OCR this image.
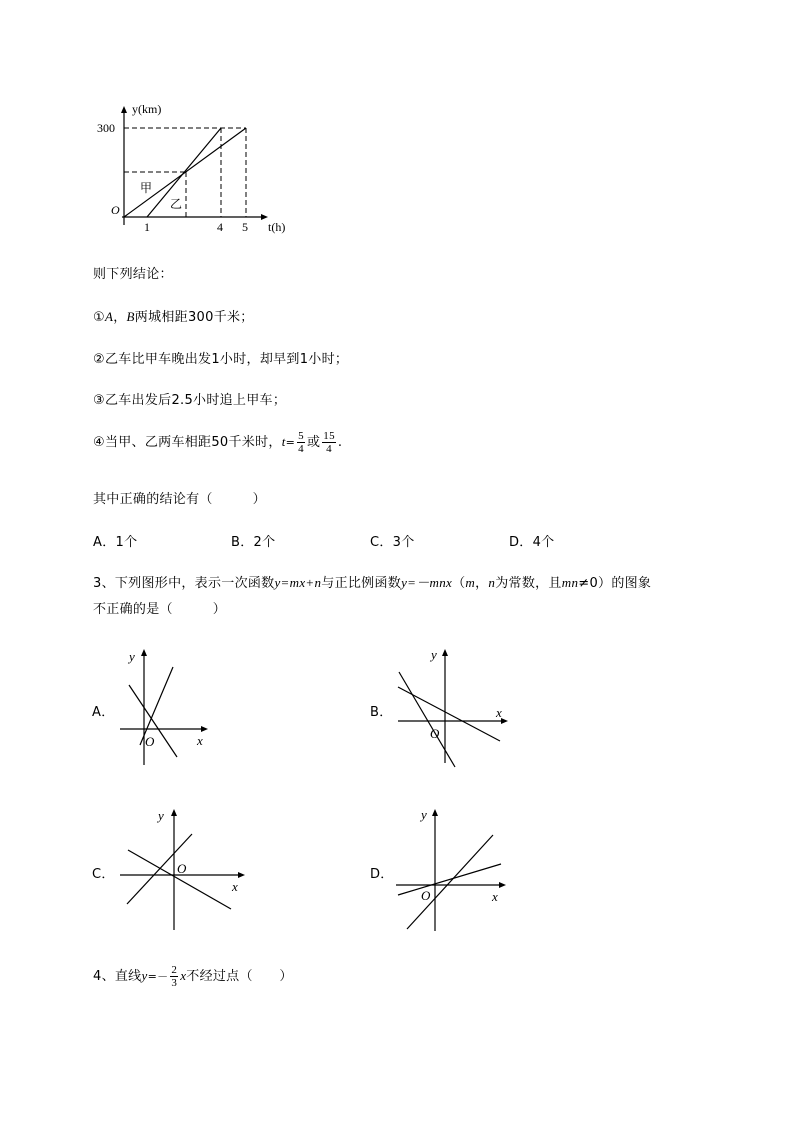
y(km)
t(h)
300
O
1	4 5
甲
乙
则下列结论：
①A，B两城相距300千米；
②乙车比甲车晚出发1小时，却早到1小时；
③乙车出发后2.5小时追上甲车；
④当甲、乙两车相距50千米时，$t= \frac{5}{4}$ 或 $\frac{15}{4}$ .
其中正确的结论有（　　　）
A．1个	B．2个	C．3个	D．4个
3、下列图形中，表示一次函数y=mx+n与正比例函数y=－mnx（m，n为常数，且mn≠0）的图象
不正确的是（　　　）
A．
y
x
O
B．
y
x
O
C．
y
x
O	D．
y
x
O
4、直线$y=- \frac{2}{3}$ x不经过点（　　）
